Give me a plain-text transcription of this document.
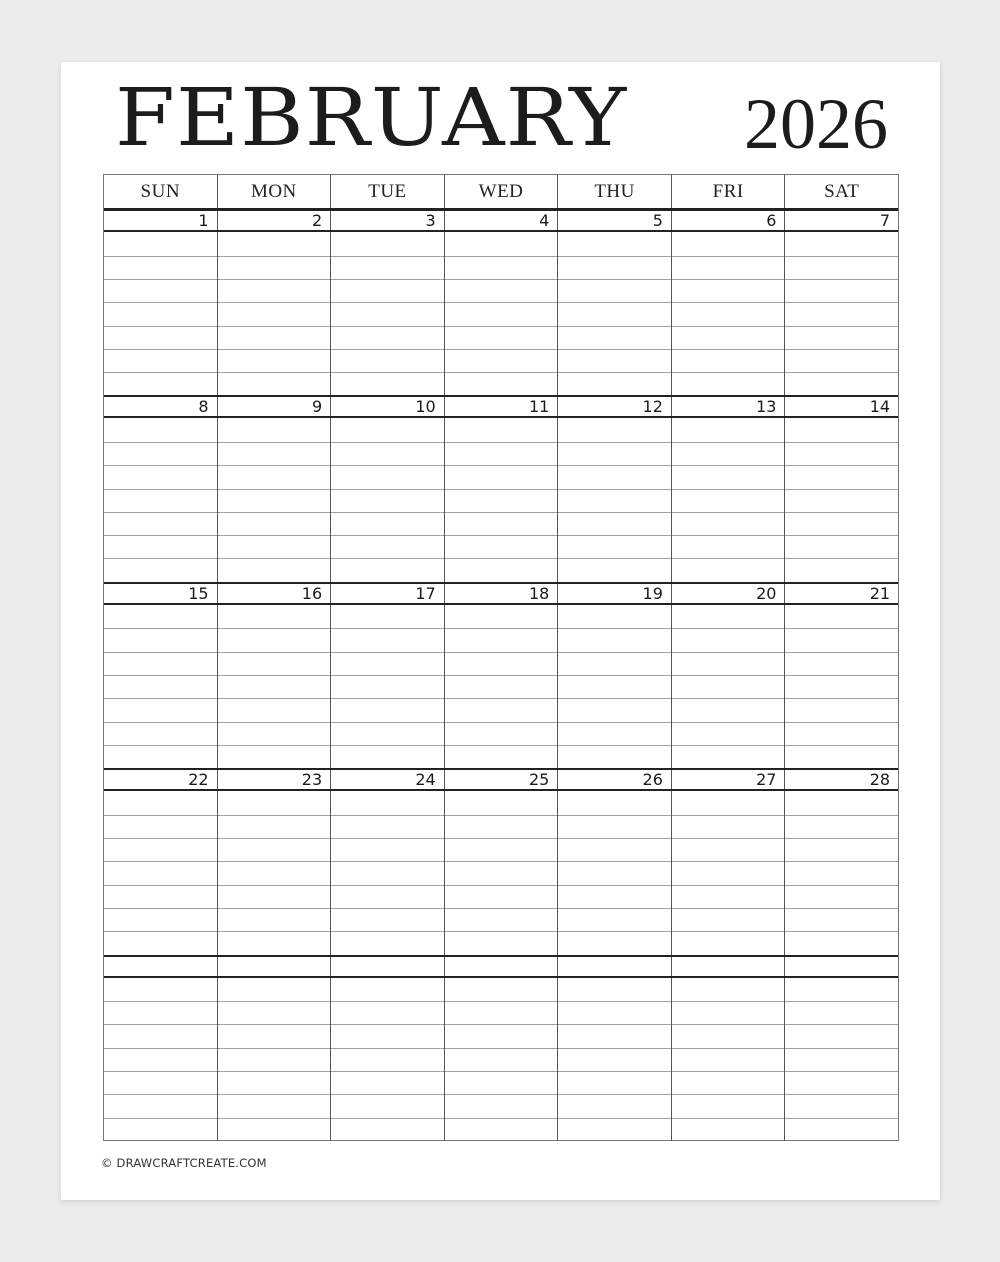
FEBRUARY 2026
SUN	MON	TUE	WED	THU	FRI	SAT
1	2	3	4	5	6	7
8	9	10	11	12	13	14
15	16	17	18	19	20	21
22	23	24	25	26	27	28
© DRAWCRAFTCREATE.COM
